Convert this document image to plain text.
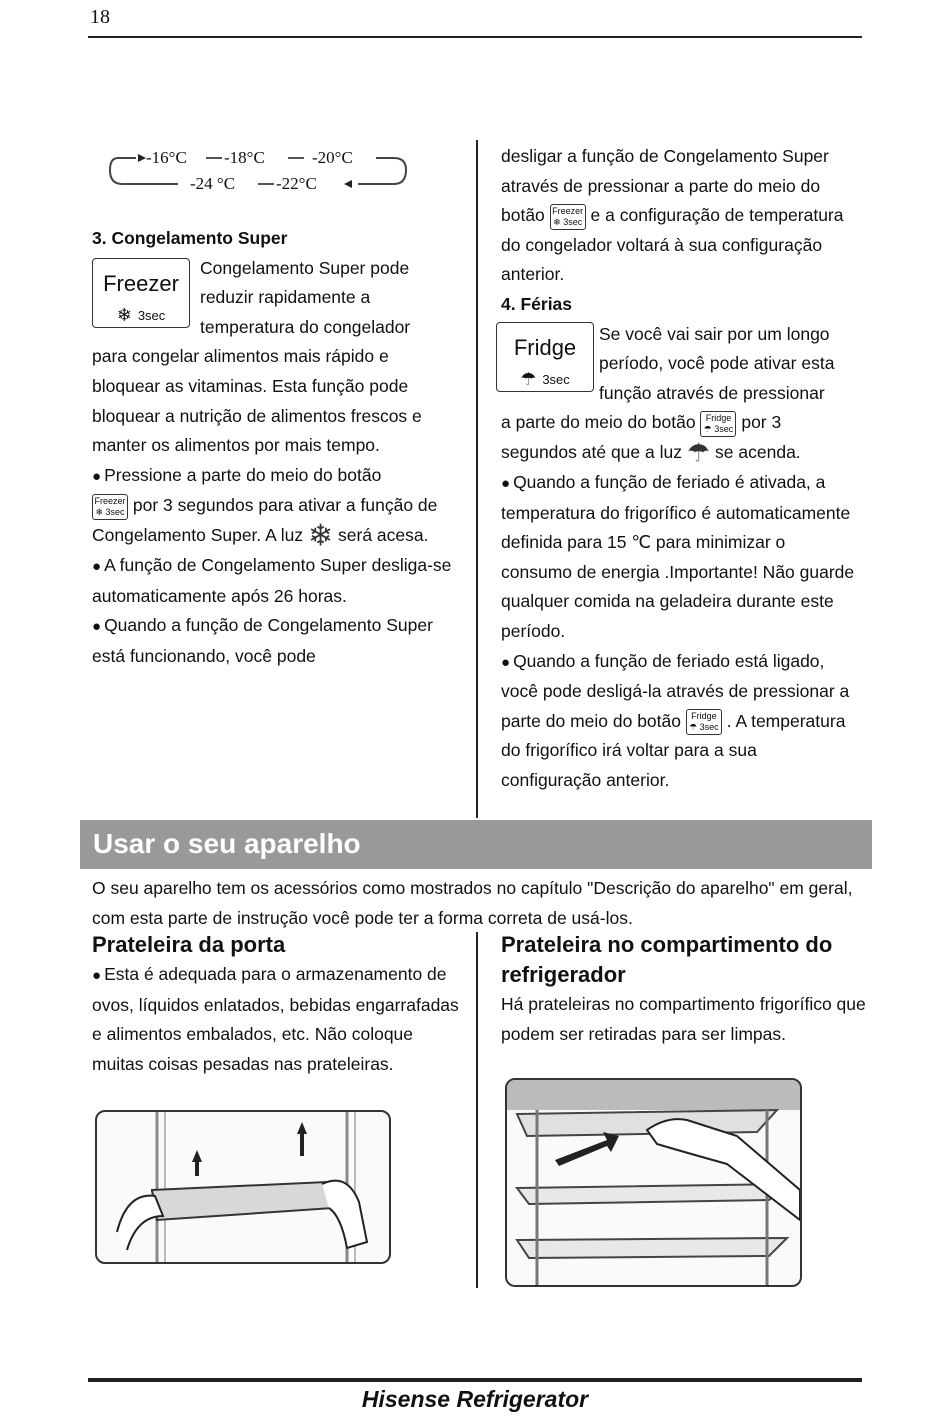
18
-16°C -18°C	-20°C
-24 °C -22°C

3. Congelamento Super

Freezer
❄ 3sec

Congelamento Super pode

reduzir rapidamente a

temperatura do congelador

para congelar alimentos mais rápido e bloquear as vitaminas. Esta função pode bloquear a nutrição de alimentos frescos e manter os alimentos por mais tempo.

● Pressione a parte do meio do botão

Freezer
❄ 3sec por 3 segundos para ativar a função de Congelamento Super. A luz ❄ será acesa.

● A função de Congelamento Super desliga-se automaticamente após 26 horas.

● Quando a função de Congelamento Super está funcionando, você pode

desligar a função de Congelamento Super através de pressionar a parte do meio do botão Freezer
❄ 3sec e a configuração de temperatura do congelador voltará à sua configuração anterior.

4. Férias

Fridge
☂ 3sec

Se você vai sair por um longo

período, você pode ativar esta

função através de pressionar

a parte do meio do botão Fridge
☂ 3sec por 3 segundos até que a luz ☂ se acenda.

● Quando a função de feriado é ativada, a temperatura do frigorífico é automaticamente definida para 15 ℃ para minimizar o consumo de energia .Importante! Não guarde qualquer comida na geladeira durante este período.

● Quando a função de feriado está ligado, você pode desligá-la através de pressionar a parte do meio do botão Fridge
☂ 3sec . A temperatura do frigorífico irá voltar para a sua configuração anterior.

Usar o seu aparelho
O seu aparelho tem os acessórios como mostrados no capítulo "Descrição do aparelho" em geral, com esta parte de instrução você pode ter a forma correta de usá-los.
Prateleira da porta
● Esta é adequada para o armazenamento de ovos, líquidos enlatados, bebidas engarrafadas e alimentos embalados, etc. Não coloque muitas coisas pesadas nas prateleiras.
Prateleira no compartimento do refrigerador
Há prateleiras no compartimento frigorífico que podem ser retiradas para ser limpas.
Hisense Refrigerator
